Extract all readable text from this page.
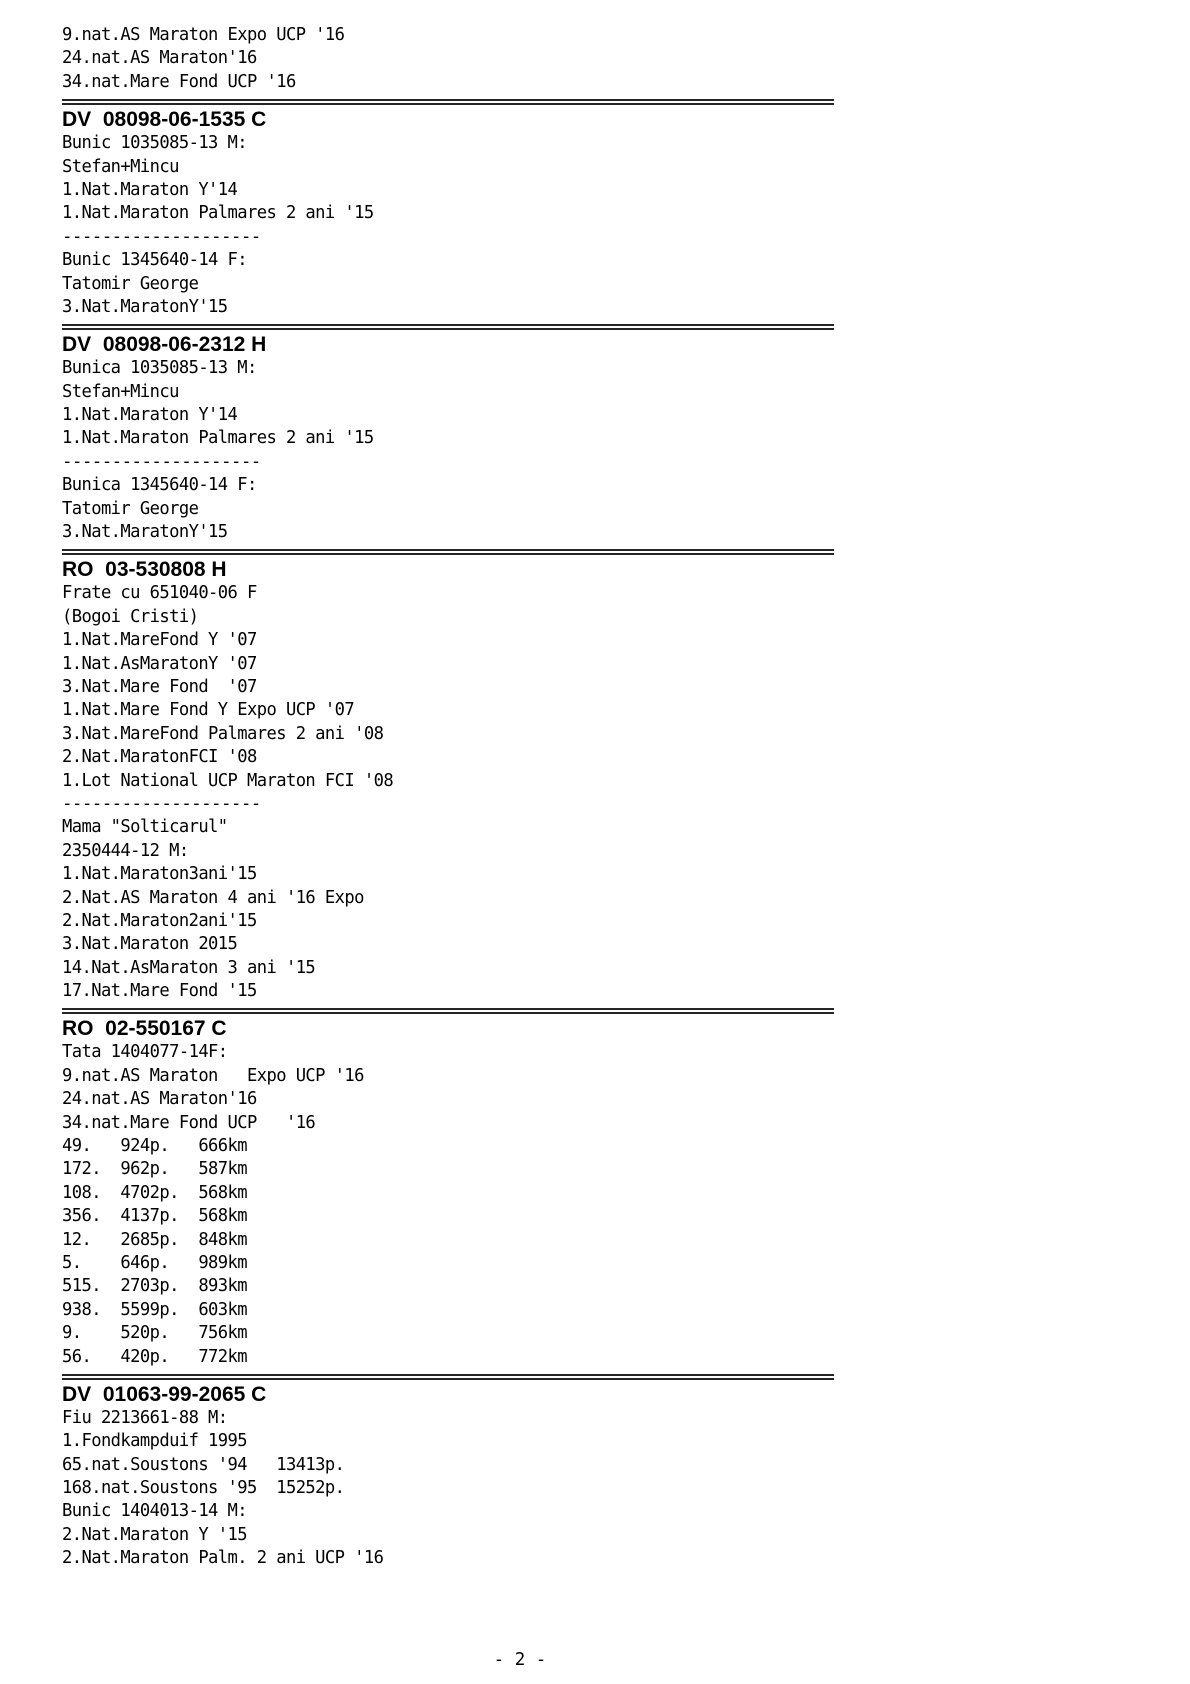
9.nat.AS Maraton Expo UCP '16
24.nat.AS Maraton'16
34.nat.Mare Fond UCP '16
DV  08098-06-1535 C
Bunic 1035085-13 M:
Stefan+Mincu
1.Nat.Maraton Y'14
1.Nat.Maraton Palmares 2 ani '15
--------------------
Bunic 1345640-14 F:
Tatomir George
3.Nat.MaratonY'15
DV  08098-06-2312 H
Bunica 1035085-13 M:
Stefan+Mincu
1.Nat.Maraton Y'14
1.Nat.Maraton Palmares 2 ani '15
--------------------
Bunica 1345640-14 F:
Tatomir George
3.Nat.MaratonY'15
RO  03-530808 H
Frate cu 651040-06 F
(Bogoi Cristi)
1.Nat.MareFond Y '07
1.Nat.AsMaratonY '07
3.Nat.Mare Fond  '07
1.Nat.Mare Fond Y Expo UCP '07
3.Nat.MareFond Palmares 2 ani '08
2.Nat.MaratonFCI '08
1.Lot National UCP Maraton FCI '08
--------------------
Mama "Solticarul"
2350444-12 M:
1.Nat.Maraton3ani'15
2.Nat.AS Maraton 4 ani '16 Expo
2.Nat.Maraton2ani'15
3.Nat.Maraton 2015
14.Nat.AsMaraton 3 ani '15
17.Nat.Mare Fond '15
RO  02-550167 C
Tata 1404077-14F:
9.nat.AS Maraton   Expo UCP '16
24.nat.AS Maraton'16
34.nat.Mare Fond UCP   '16
49.   924p.   666km
172.  962p.   587km
108.  4702p.  568km
356.  4137p.  568km
12.   2685p.  848km
5.    646p.   989km
515.  2703p.  893km
938.  5599p.  603km
9.    520p.   756km
56.   420p.   772km
DV  01063-99-2065 C
Fiu 2213661-88 M:
1.Fondkampduif 1995
65.nat.Soustons '94   13413p.
168.nat.Soustons '95  15252p.
Bunic 1404013-14 M:
2.Nat.Maraton Y '15
2.Nat.Maraton Palm. 2 ani UCP '16
- 2 -
